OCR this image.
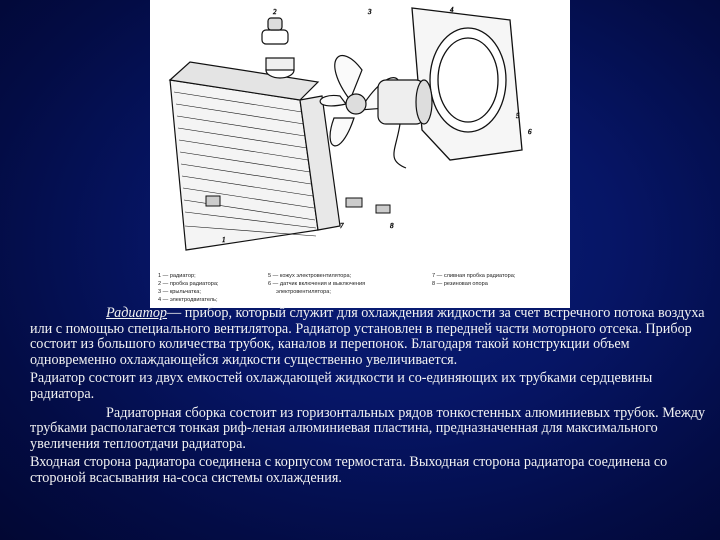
2	3
1
7	8
5
6
4
1 — радиатор;
2 — пробка радиатора;
3 — крыльчатка;
4 — электродвигатель;
5 — кожух электровентилятора;
6 — датчик включения и выключения
электровентилятора;
7 — сливная пробка радиатора;
8 — резиновая опора

Радиатор— прибор, который служит для охлаждения жидкости за счет встречного потока воздуха или с помощью специального вентилятора. Радиатор установлен в передней части моторного отсека. Прибор состоит из большого количества трубок, каналов и перепонок. Благодаря такой конструкции объем одновременно охлаждающейся жидкости существенно увеличивается.

Радиатор состоит из двух емкостей охлаждающей жидкости и со-единяющих их трубками сердцевины радиатора.

Радиаторная сборка состоит из горизонтальных рядов тонкостенных алюминиевых трубок. Между трубками располагается тонкая риф-леная алюминиевая пластина, предназначенная для максимального увеличения теплоотдачи радиатора.

Входная сторона радиатора соединена с корпусом термостата. Выходная сторона радиатора соединена со стороной всасывания на-соса системы охлаждения.
